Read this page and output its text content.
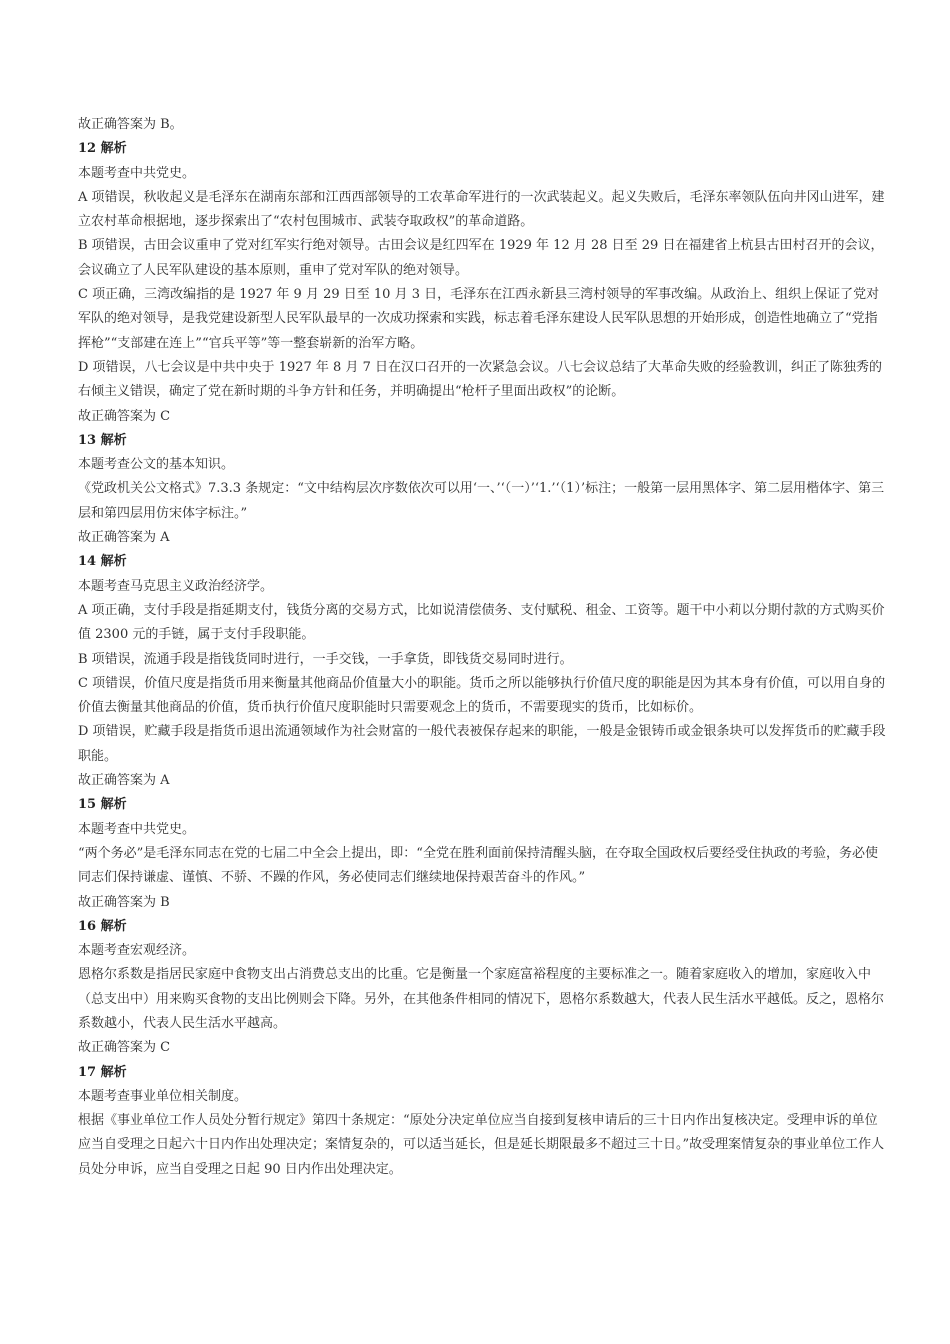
故正确答案为 B。

12 解析

本题考查中共党史。

A 项错误，秋收起义是毛泽东在湖南东部和江西西部领导的工农革命军进行的一次武装起义。起义失败后，毛泽东率领队伍向井冈山进军，建立农村革命根据地，逐步探索出了“农村包围城市、武装夺取政权”的革命道路。

B 项错误，古田会议重申了党对红军实行绝对领导。古田会议是红四军在 1929 年 12 月 28 日至 29 日在福建省上杭县古田村召开的会议，会议确立了人民军队建设的基本原则，重申了党对军队的绝对领导。

C 项正确，三湾改编指的是 1927 年 9 月 29 日至 10 月 3 日，毛泽东在江西永新县三湾村领导的军事改编。从政治上、组织上保证了党对军队的绝对领导，是我党建设新型人民军队最早的一次成功探索和实践，标志着毛泽东建设人民军队思想的开始形成，创造性地确立了“党指挥枪”“支部建在连上”“官兵平等”等一整套崭新的治军方略。

D 项错误，八七会议是中共中央于 1927 年 8 月 7 日在汉口召开的一次紧急会议。八七会议总结了大革命失败的经验教训，纠正了陈独秀的右倾主义错误，确定了党在新时期的斗争方针和任务，并明确提出“枪杆子里面出政权”的论断。

故正确答案为 C

13 解析

本题考查公文的基本知识。

《党政机关公文格式》7.3.3 条规定：“文中结构层次序数依次可以用‘一、’‘（一）’‘1.’‘（1）’标注；一般第一层用黑体字、第二层用楷体字、第三层和第四层用仿宋体字标注。”

故正确答案为 A

14 解析

本题考查马克思主义政治经济学。

A 项正确，支付手段是指延期支付，钱货分离的交易方式，比如说清偿债务、支付赋税、租金、工资等。题干中小莉以分期付款的方式购买价值 2300 元的手链，属于支付手段职能。

B 项错误，流通手段是指钱货同时进行，一手交钱，一手拿货，即钱货交易同时进行。

C 项错误，价值尺度是指货币用来衡量其他商品价值量大小的职能。货币之所以能够执行价值尺度的职能是因为其本身有价值，可以用自身的价值去衡量其他商品的价值，货币执行价值尺度职能时只需要观念上的货币，不需要现实的货币，比如标价。

D 项错误，贮藏手段是指货币退出流通领域作为社会财富的一般代表被保存起来的职能，一般是金银铸币或金银条块可以发挥货币的贮藏手段职能。

故正确答案为 A

15 解析

本题考查中共党史。

“两个务必”是毛泽东同志在党的七届二中全会上提出，即：“全党在胜利面前保持清醒头脑，在夺取全国政权后要经受住执政的考验，务必使同志们保持谦虚、谨慎、不骄、不躁的作风，务必使同志们继续地保持艰苦奋斗的作风。”

故正确答案为 B

16 解析

本题考查宏观经济。

恩格尔系数是指居民家庭中食物支出占消费总支出的比重。它是衡量一个家庭富裕程度的主要标准之一。随着家庭收入的增加，家庭收入中（总支出中）用来购买食物的支出比例则会下降。另外，在其他条件相同的情况下，恩格尔系数越大，代表人民生活水平越低。反之，恩格尔系数越小，代表人民生活水平越高。

故正确答案为 C

17 解析

本题考查事业单位相关制度。

根据《事业单位工作人员处分暂行规定》第四十条规定：“原处分决定单位应当自接到复核申请后的三十日内作出复核决定。受理申诉的单位应当自受理之日起六十日内作出处理决定；案情复杂的，可以适当延长，但是延长期限最多不超过三十日。”故受理案情复杂的事业单位工作人员处分申诉，应当自受理之日起 90 日内作出处理决定。
